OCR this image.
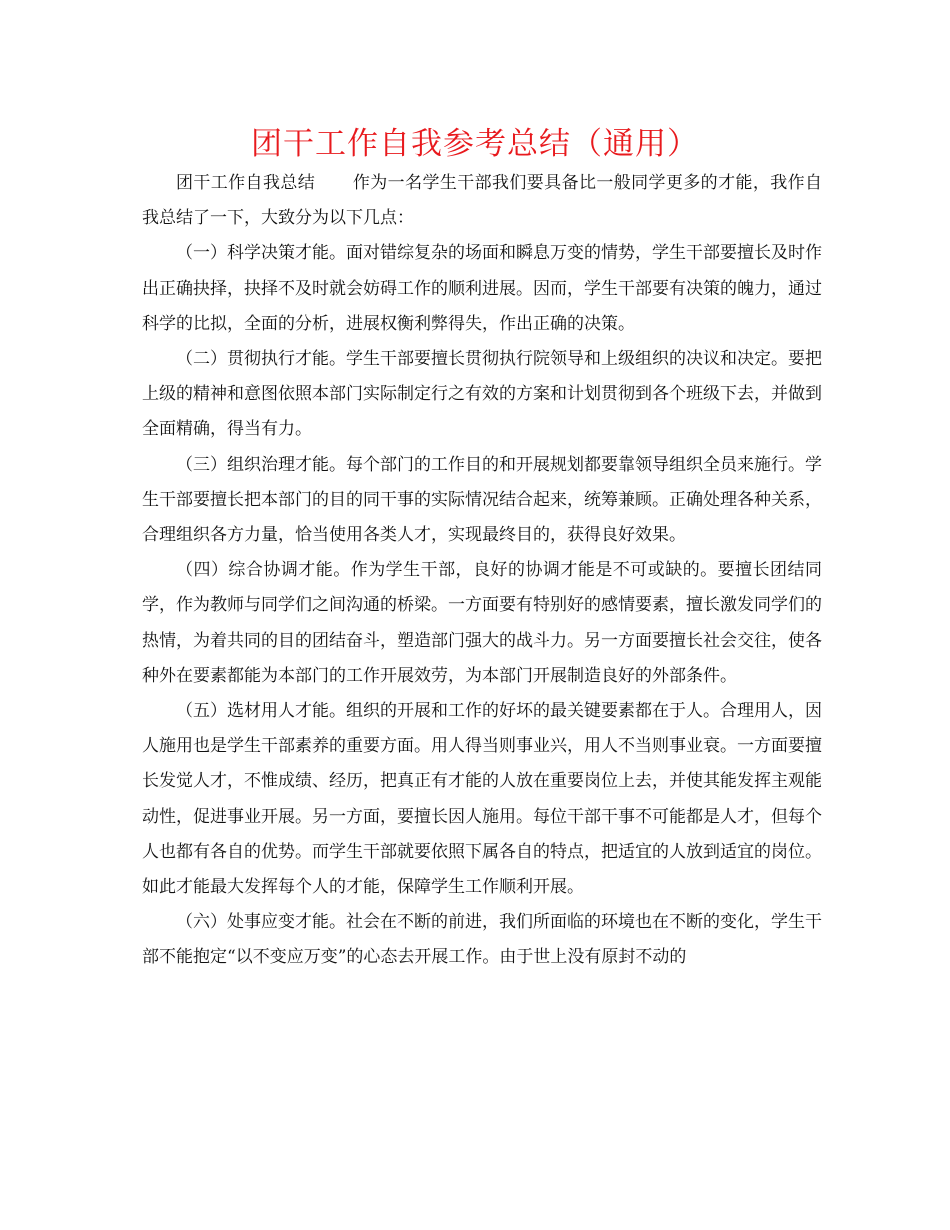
团干工作自我参考总结（通用）

团干工作自我总结 作为一名学生干部我们要具备比一般同学更多的才能，我作自我总结了一下，大致分为以下几点：

（一）科学决策才能。面对错综复杂的场面和瞬息万变的情势，学生干部要擅长及时作出正确抉择，抉择不及时就会妨碍工作的顺利进展。因而，学生干部要有决策的魄力，通过科学的比拟，全面的分析，进展权衡利弊得失，作出正确的决策。

（二）贯彻执行才能。学生干部要擅长贯彻执行院领导和上级组织的决议和决定。要把上级的精神和意图依照本部门实际制定行之有效的方案和计划贯彻到各个班级下去，并做到全面精确，得当有力。

（三）组织治理才能。每个部门的工作目的和开展规划都要靠领导组织全员来施行。学生干部要擅长把本部门的目的同干事的实际情况结合起来，统筹兼顾。正确处理各种关系，合理组织各方力量，恰当使用各类人才，实现最终目的，获得良好效果。

（四）综合协调才能。作为学生干部，良好的协调才能是不可或缺的。要擅长团结同学，作为教师与同学们之间沟通的桥梁。一方面要有特别好的感情要素，擅长激发同学们的热情，为着共同的目的团结奋斗，塑造部门强大的战斗力。另一方面要擅长社会交往，使各种外在要素都能为本部门的工作开展效劳，为本部门开展制造良好的外部条件。

（五）选材用人才能。组织的开展和工作的好坏的最关键要素都在于人。合理用人，因人施用也是学生干部素养的重要方面。用人得当则事业兴，用人不当则事业衰。一方面要擅长发觉人才，不惟成绩、经历，把真正有才能的人放在重要岗位上去，并使其能发挥主观能动性，促进事业开展。另一方面，要擅长因人施用。每位干部干事不可能都是人才，但每个人也都有各自的优势。而学生干部就要依照下属各自的特点，把适宜的人放到适宜的岗位。如此才能最大发挥每个人的才能，保障学生工作顺利开展。

（六）处事应变才能。社会在不断的前进，我们所面临的环境也在不断的变化，学生干部不能抱定“以不变应万变”的心态去开展工作。由于世上没有原封不动的
